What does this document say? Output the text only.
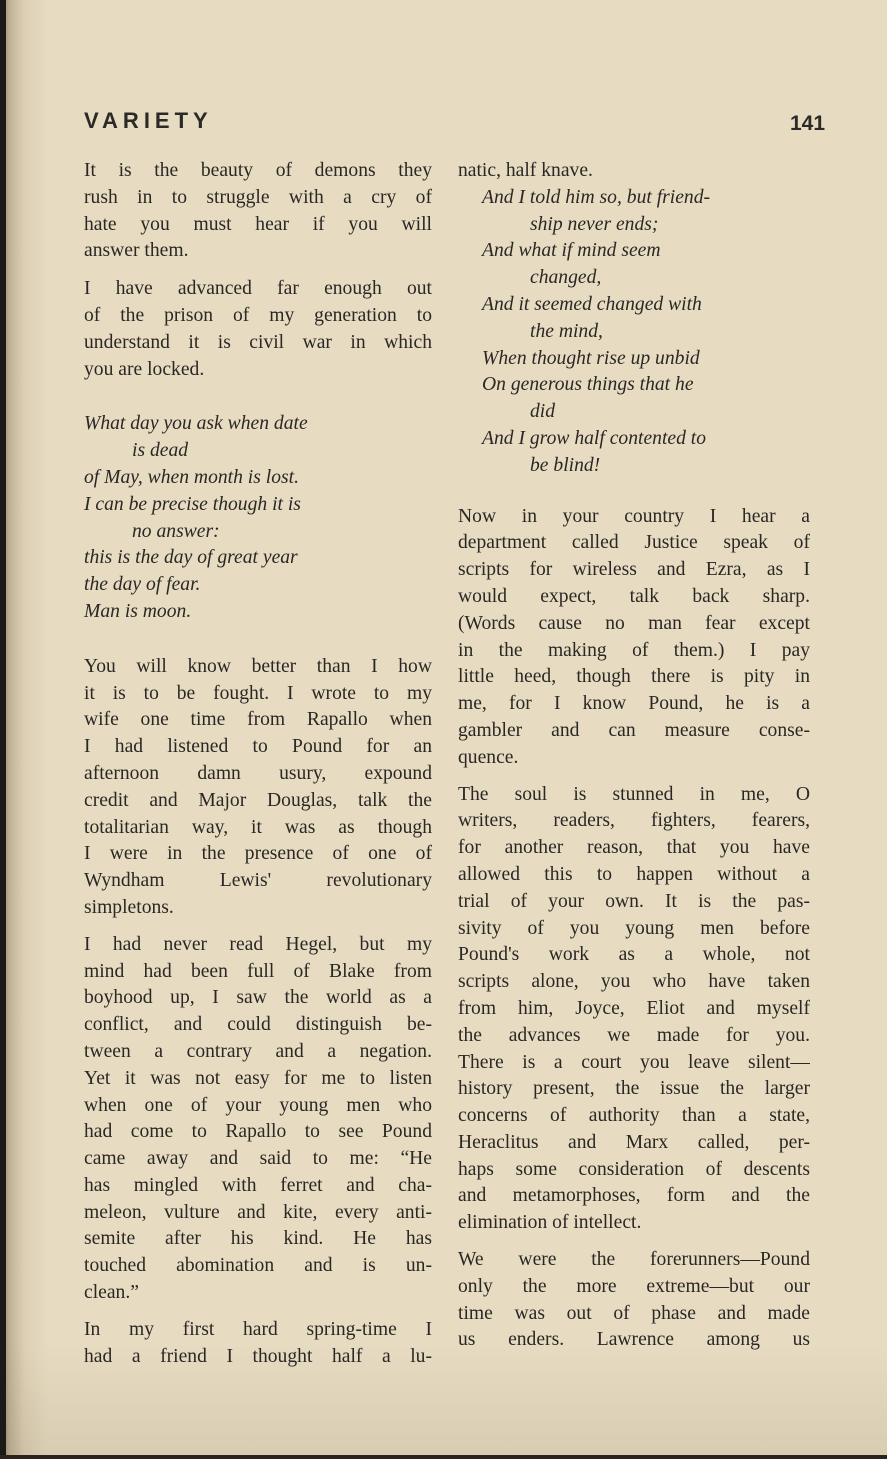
VARIETY	141
It is the beauty of demons they
rush in to struggle with a cry of
hate you must hear if you will
answer them.
I have advanced far enough out
of the prison of my generation to
understand it is civil war in which
you are locked.
What day you ask when date
is dead
of May, when month is lost.
I can be precise though it is
no answer:
this is the day of great year
the day of fear.
Man is moon.
You will know better than I how
it is to be fought. I wrote to my
wife one time from Rapallo when
I had listened to Pound for an
afternoon damn usury, expound
credit and Major Douglas, talk the
totalitarian way, it was as though
I were in the presence of one of
Wyndham Lewis' revolutionary
simpletons.
I had never read Hegel, but my
mind had been full of Blake from
boyhood up, I saw the world as a
conflict, and could distinguish be-
tween a contrary and a negation.
Yet it was not easy for me to listen
when one of your young men who
had come to Rapallo to see Pound
came away and said to me: “He
has mingled with ferret and cha-
meleon, vulture and kite, every anti-
semite after his kind. He has
touched abomination and is un-
clean.”
In my first hard spring-time I
had a friend I thought half a lu-
natic, half knave.
And I told him so, but friend-
ship never ends;
And what if mind seem
changed,
And it seemed changed with
the mind,
When thought rise up unbid
On generous things that he
did
And I grow half contented to
be blind!
Now in your country I hear a
department called Justice speak of
scripts for wireless and Ezra, as I
would expect, talk back sharp.
(Words cause no man fear except
in the making of them.) I pay
little heed, though there is pity in
me, for I know Pound, he is a
gambler and can measure conse-
quence.
The soul is stunned in me, O
writers, readers, fighters, fearers,
for another reason, that you have
allowed this to happen without a
trial of your own. It is the pas-
sivity of you young men before
Pound's work as a whole, not
scripts alone, you who have taken
from him, Joyce, Eliot and myself
the advances we made for you.
There is a court you leave silent—
history present, the issue the larger
concerns of authority than a state,
Heraclitus and Marx called, per-
haps some consideration of descents
and metamorphoses, form and the
elimination of intellect.
We were the forerunners—Pound
only the more extreme—but our
time was out of phase and made
us enders. Lawrence among us
